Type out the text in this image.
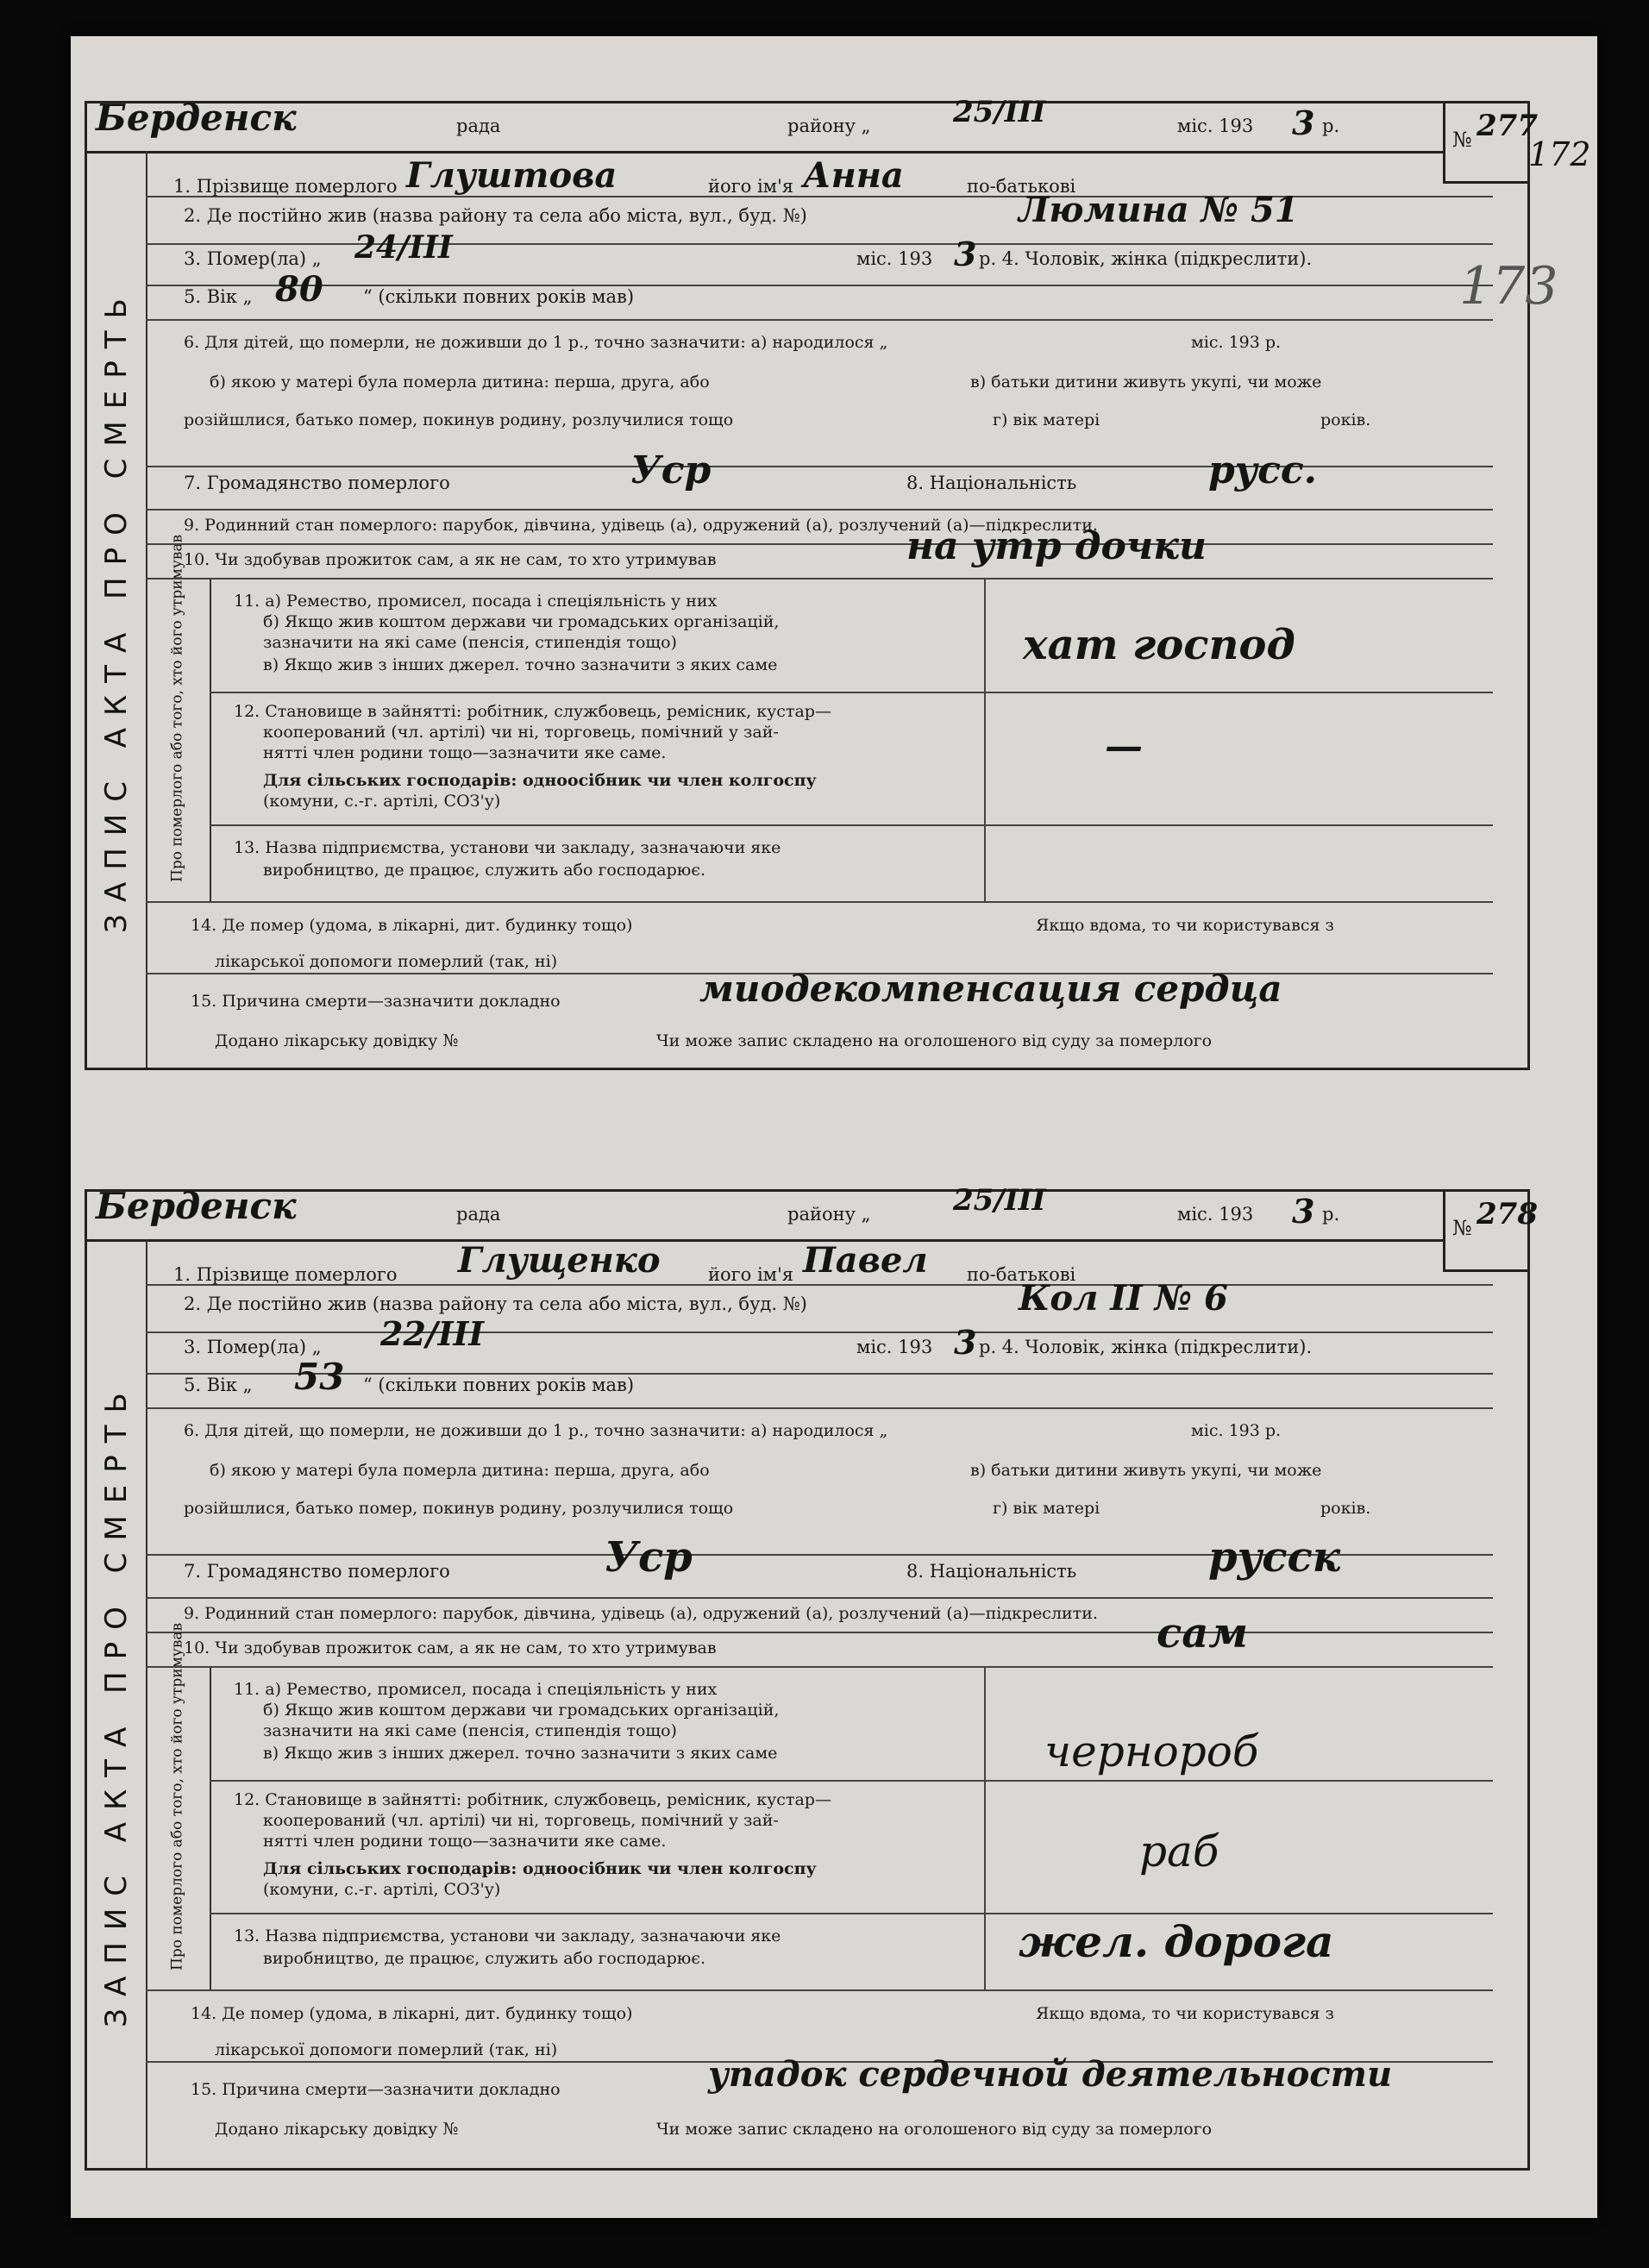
№ 277
Берденск	рада	району „	25/III	міс. 193 3 р.
ЗАПИС АКТА ПРО СМЕРТЬ Про померлого або того, хто його утримував
1. Прізвище померлого Глуштова	його ім'я Анна	по-батькові
2. Де постійно жив (назва району та села або міста, вул., буд. №)	Люмина № 51
3. Помер(ла) „ 24/III	міс. 193 3 р. 4. Чоловік, жінка (підкреслити).
5. Вік „ 80 “ (скільки повних років мав)
6. Для дітей, що померли, не доживши до 1 р., точно зазначити: а) народилося „	міс. 193 р.
б) якою у матері була померла дитина: перша, друга, або	в) батьки дитини живуть укупі, чи може
розійшлися, батько помер, покинув родину, розлучилися тощо	г) вік матері	років.
7. Громадянство померлого	Уср	8. Національність	русс.
9. Родинний стан померлого: парубок, дівчина, удівець (а), одружений (а), розлучений (а)—підкреслити.
10. Чи здобував прожиток сам, а як не сам, то хто утримував	на утр дочки
11. а) Ремество, промисел, посада і спеціяльність у них
б) Якщо жив коштом держави чи громадських організацій,
зазначити на які саме (пенсія, стипендія тощо)
в) Якщо жив з інших джерел. точно зазначити з яких саме	хат господ
12. Становище в зайнятті: робітник, службовець, ремісник, кустар—
кооперований (чл. артілі) чи ні, торговець, помічний у зай-
нятті член родини тощо—зазначити яке саме.
Для сільських господарів: одноосібник чи член колгоспу
(комуни, с.-г. артілі, СОЗ'у)
—
13. Назва підприємства, установи чи закладу, зазначаючи яке
виробництво, де працює, служить або господарює.
14. Де помер (удома, в лікарні, дит. будинку тощо)	Якщо вдома, то чи користувався з
лікарської допомоги померлий (так, ні)
15. Причина смерти—зазначити докладно	миодекомпенсация сердца
Додано лікарську довідку №	Чи може запис складено на оголошеного від суду за померлого
172
173
№ 278
Берденск	рада	району „	25/III	міс. 193 3 р.
ЗАПИС АКТА ПРО СМЕРТЬ Про померлого або того, хто його утримував
1. Прізвище померлого Глущенко	його ім'я Павел по-батькові
2. Де постійно жив (назва району та села або міста, вул., буд. №)	Кол II № 6
3. Помер(ла) „ 22/III	міс. 193 3 р. 4. Чоловік, жінка (підкреслити).
5. Вік „ 53 “ (скільки повних років мав)
6. Для дітей, що померли, не доживши до 1 р., точно зазначити: а) народилося „	міс. 193 р.
б) якою у матері була померла дитина: перша, друга, або	в) батьки дитини живуть укупі, чи може
розійшлися, батько помер, покинув родину, розлучилися тощо	г) вік матері	років.
7. Громадянство померлого	Уср	8. Національність	русск
9. Родинний стан померлого: парубок, дівчина, удівець (а), одружений (а), розлучений (а)—підкреслити.
10. Чи здобував прожиток сам, а як не сам, то хто утримував	сам
11. а) Ремество, промисел, посада і спеціяльність у них
б) Якщо жив коштом держави чи громадських організацій,
зазначити на які саме (пенсія, стипендія тощо)
в) Якщо жив з інших джерел. точно зазначити з яких саме	чернороб
12. Становище в зайнятті: робітник, службовець, ремісник, кустар—
кооперований (чл. артілі) чи ні, торговець, помічний у зай-
нятті член родини тощо—зазначити яке саме.
Для сільських господарів: одноосібник чи член колгоспу
(комуни, с.-г. артілі, СОЗ'у)
раб
13. Назва підприємства, установи чи закладу, зазначаючи яке
виробництво, де працює, служить або господарює.	жел. дорога
14. Де помер (удома, в лікарні, дит. будинку тощо)	Якщо вдома, то чи користувався з
лікарської допомоги померлий (так, ні)
15. Причина смерти—зазначити докладно	упадок сердечной деятельности
Додано лікарську довідку №	Чи може запис складено на оголошеного від суду за померлого
